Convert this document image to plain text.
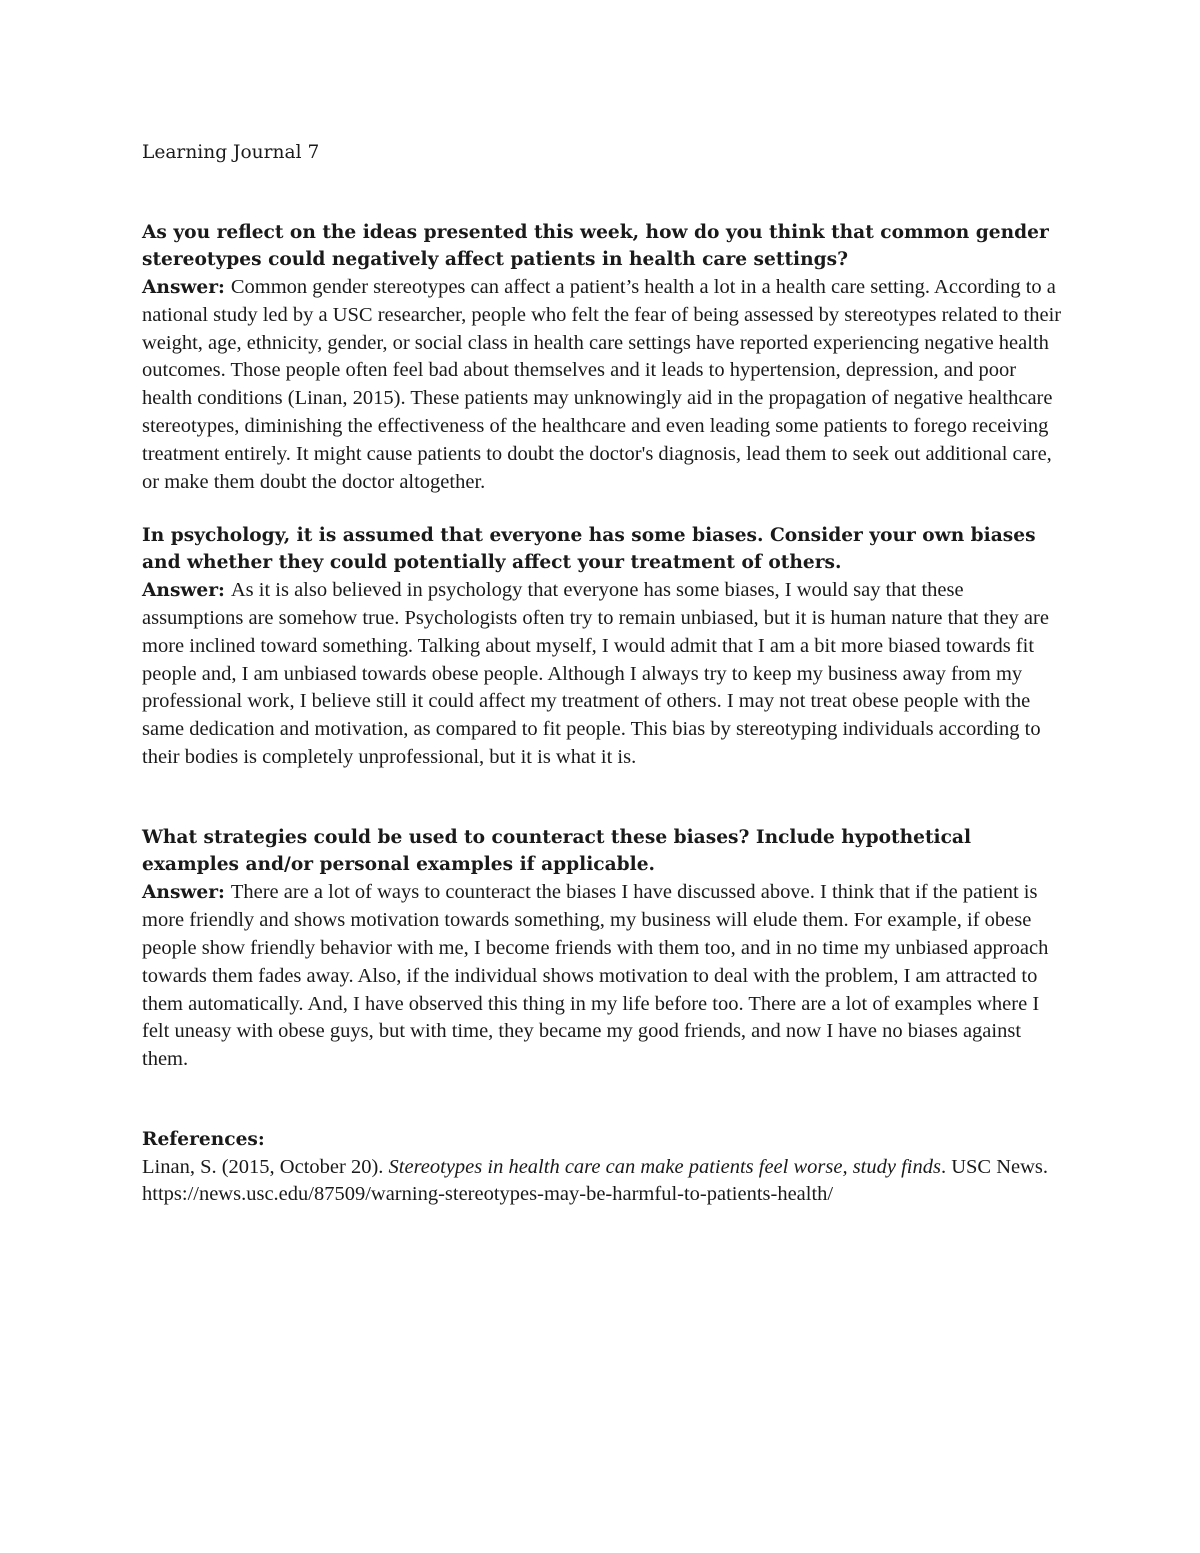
Learning Journal 7

As you reflect on the ideas presented this week, how do you think that common gender stereotypes could negatively affect patients in health care settings?

Answer: Common gender stereotypes can affect a patient’s health a lot in a health care setting. According to a national study led by a USC researcher, people who felt the fear of being assessed by stereotypes related to their weight, age, ethnicity, gender, or social class in health care settings have reported experiencing negative health outcomes. Those people often feel bad about themselves and it leads to hypertension, depression, and poor health conditions (Linan, 2015). These patients may unknowingly aid in the propagation of negative healthcare stereotypes, diminishing the effectiveness of the healthcare and even leading some patients to forego receiving treatment entirely. It might cause patients to doubt the doctor's diagnosis, lead them to seek out additional care, or make them doubt the doctor altogether.

In psychology, it is assumed that everyone has some biases. Consider your own biases and whether they could potentially affect your treatment of others.

Answer: As it is also believed in psychology that everyone has some biases, I would say that these assumptions are somehow true. Psychologists often try to remain unbiased, but it is human nature that they are more inclined toward something. Talking about myself, I would admit that I am a bit more biased towards fit people and, I am unbiased towards obese people. Although I always try to keep my business away from my professional work, I believe still it could affect my treatment of others. I may not treat obese people with the same dedication and motivation, as compared to fit people. This bias by stereotyping individuals according to their bodies is completely unprofessional, but it is what it is.

What strategies could be used to counteract these biases? Include hypothetical examples and/or personal examples if applicable.

Answer: There are a lot of ways to counteract the biases I have discussed above. I think that if the patient is more friendly and shows motivation towards something, my business will elude them. For example, if obese people show friendly behavior with me, I become friends with them too, and in no time my unbiased approach towards them fades away. Also, if the individual shows motivation to deal with the problem, I am attracted to them automatically. And, I have observed this thing in my life before too. There are a lot of examples where I felt uneasy with obese guys, but with time, they became my good friends, and now I have no biases against them.

References:

Linan, S. (2015, October 20). Stereotypes in health care can make patients feel worse, study finds. USC News. https://news.usc.edu/87509/warning-stereotypes-may-be-harmful-to-patients-health/
